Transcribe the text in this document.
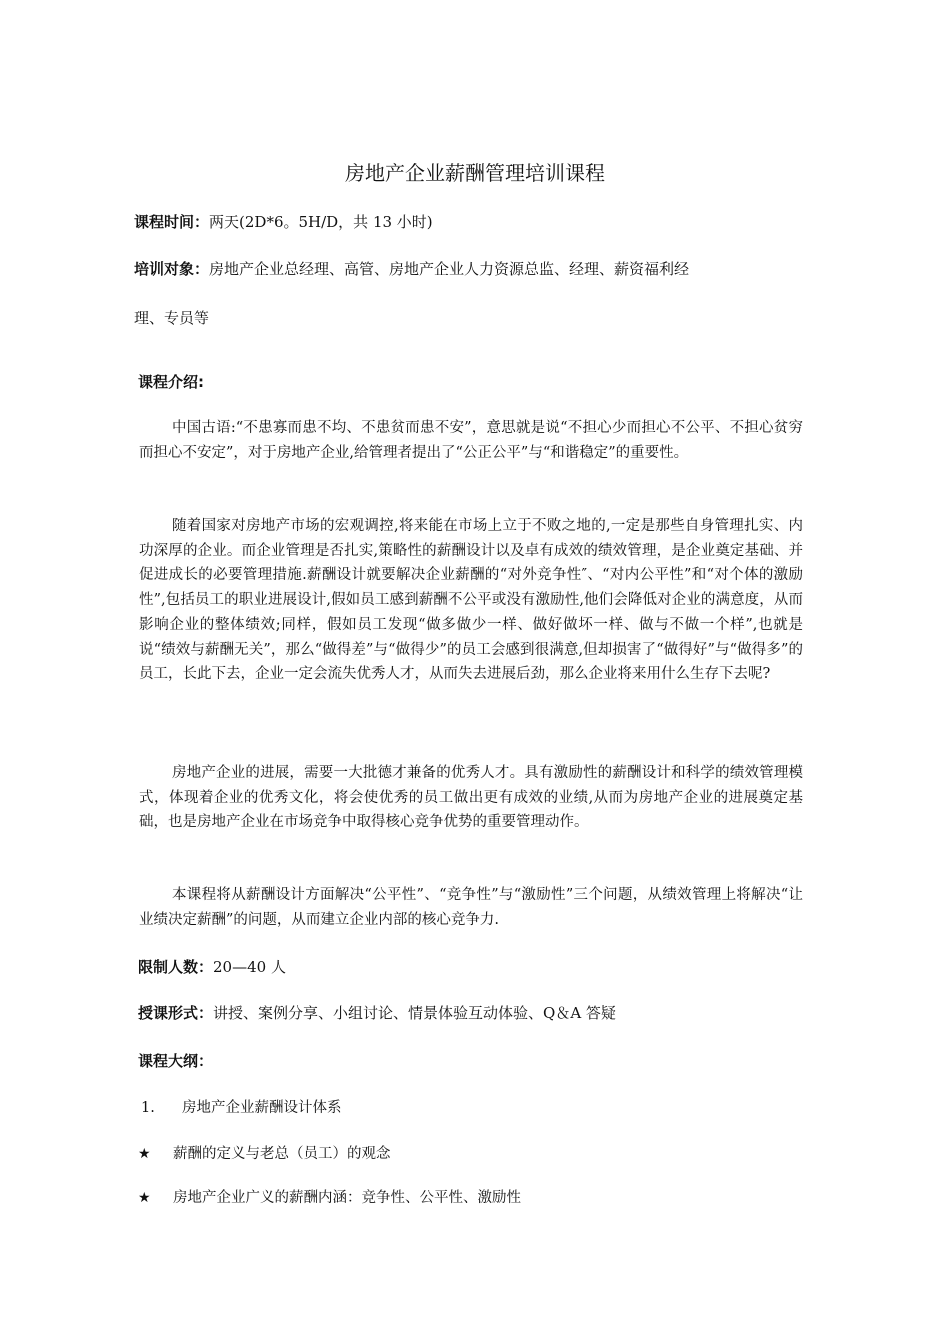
房地产企业薪酬管理培训课程
课程时间：两天(2D*6。5H/D，共 13 小时)
培训对象：房地产企业总经理、高管、房地产企业人力资源总监、经理、薪资福利经
理、专员等
课程介绍:

中国古语:“不患寡而患不均、不患贫而患不安”，意思就是说“不担心少而担心不公平、不担心贫穷而担心不安定”，对于房地产企业,给管理者提出了“公正公平”与“和谐稳定”的重要性。

随着国家对房地产市场的宏观调控,将来能在市场上立于不败之地的,一定是那些自身管理扎实、内功深厚的企业。而企业管理是否扎实,策略性的薪酬设计以及卓有成效的绩效管理，是企业奠定基础、并促进成长的必要管理措施.薪酬设计就要解决企业薪酬的“对外竞争性″、“对内公平性”和“对个体的激励性”,包括员工的职业进展设计,假如员工感到薪酬不公平或没有激励性,他们会降低对企业的满意度，从而影响企业的整体绩效;同样，假如员工发现“做多做少一样、做好做坏一样、做与不做一个样”,也就是说“绩效与薪酬无关”，那么“做得差”与“做得少”的员工会感到很满意,但却损害了“做得好”与“做得多”的员工，长此下去，企业一定会流失优秀人才，从而失去进展后劲，那么企业将来用什么生存下去呢?

房地产企业的进展，需要一大批德才兼备的优秀人才。具有激励性的薪酬设计和科学的绩效管理模式，体现着企业的优秀文化，将会使优秀的员工做出更有成效的业绩,从而为房地产企业的进展奠定基础，也是房地产企业在市场竞争中取得核心竞争优势的重要管理动作。

本课程将从薪酬设计方面解决“公平性”、“竞争性”与“激励性”三个问题，从绩效管理上将解决“让业绩决定薪酬”的问题，从而建立企业内部的核心竞争力.

限制人数：20—40 人
授课形式：讲授、案例分享、小组讨论、情景体验互动体验、Q＆A 答疑
课程大纲：
1. 房地产企业薪酬设计体系
★ 薪酬的定义与老总（员工）的观念
★ 房地产企业广义的薪酬内涵：竞争性、公平性、激励性
